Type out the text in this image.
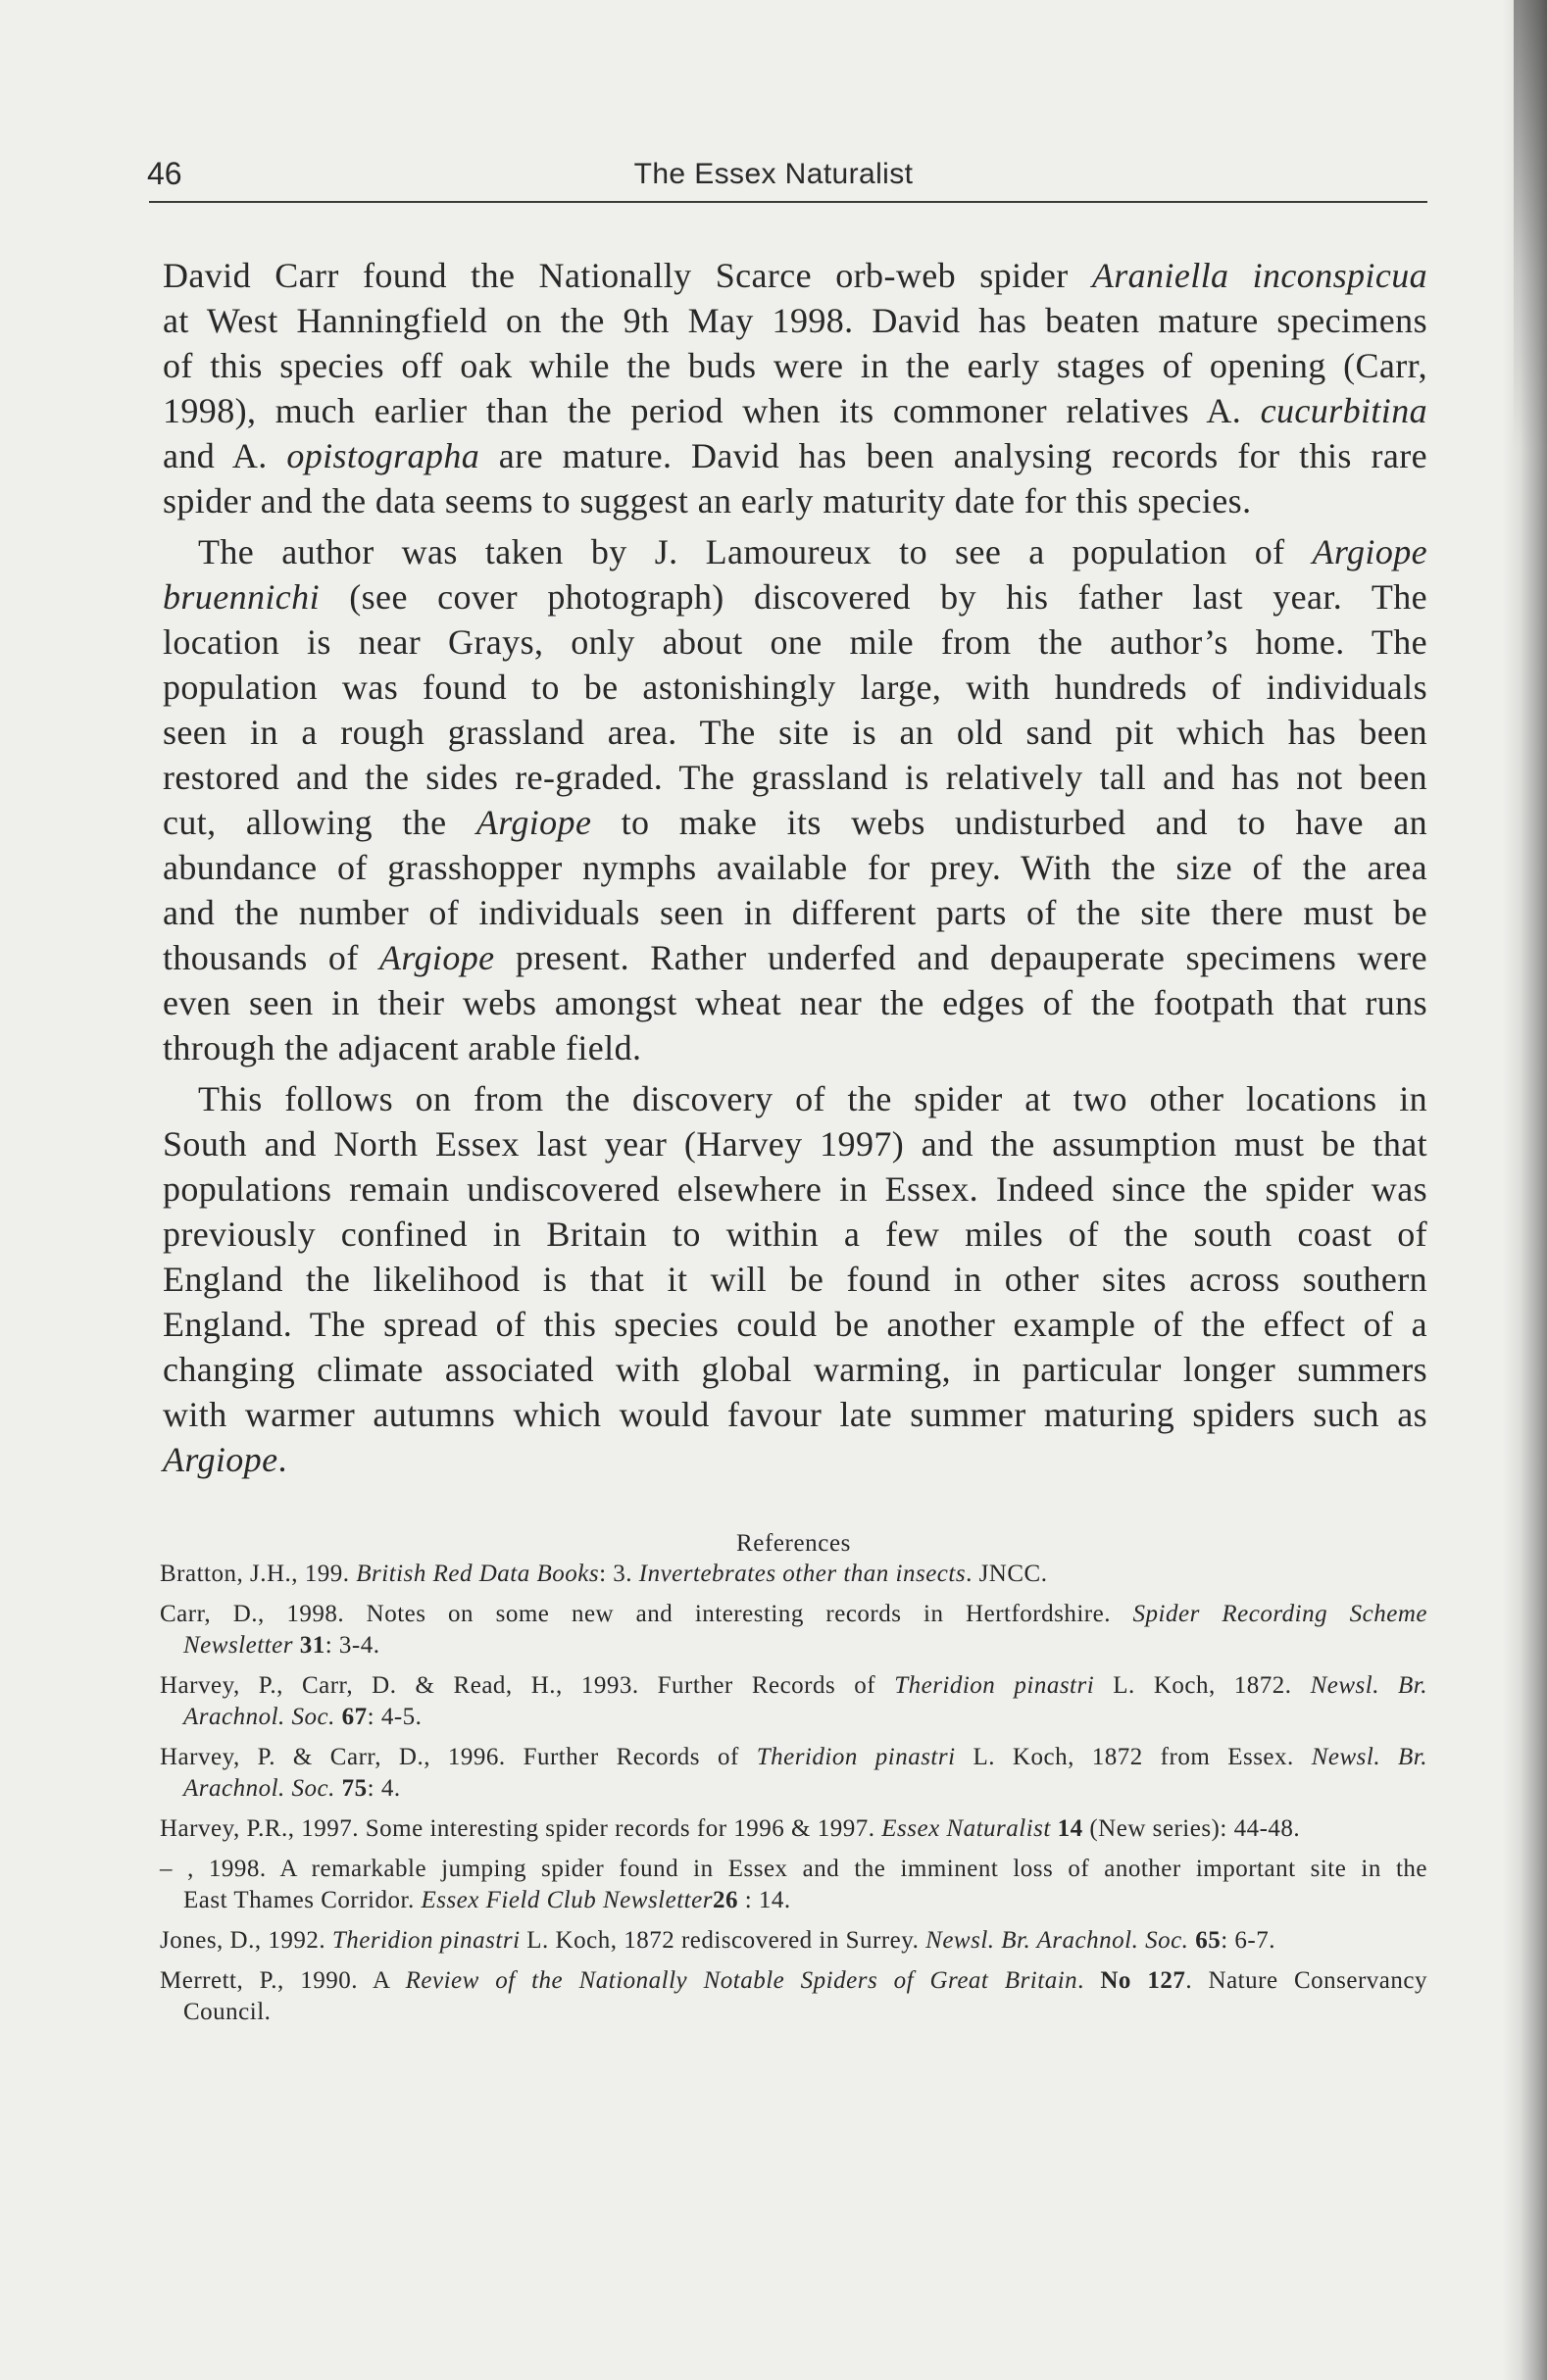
46	The Essex Naturalist
David Carr found the Nationally Scarce orb-web spider Araniella inconspicua
at West Hanningfield on the 9th May 1998. David has beaten mature specimens
of this species off oak while the buds were in the early stages of opening (Carr,
1998), much earlier than the period when its commoner relatives A. cucurbitina
and A. opistographa are mature. David has been analysing records for this rare
spider and the data seems to suggest an early maturity date for this species.
The author was taken by J. Lamoureux to see a population of Argiope
bruennichi (see cover photograph) discovered by his father last year. The
location is near Grays, only about one mile from the author’s home. The
population was found to be astonishingly large, with hundreds of individuals
seen in a rough grassland area. The site is an old sand pit which has been
restored and the sides re-graded. The grassland is relatively tall and has not been
cut, allowing the Argiope to make its webs undisturbed and to have an
abundance of grasshopper nymphs available for prey. With the size of the area
and the number of individuals seen in different parts of the site there must be
thousands of Argiope present. Rather underfed and depauperate specimens were
even seen in their webs amongst wheat near the edges of the footpath that runs
through the adjacent arable field.
This follows on from the discovery of the spider at two other locations in
South and North Essex last year (Harvey 1997) and the assumption must be that
populations remain undiscovered elsewhere in Essex. Indeed since the spider was
previously confined in Britain to within a few miles of the south coast of
England the likelihood is that it will be found in other sites across southern
England. The spread of this species could be another example of the effect of a
changing climate associated with global warming, in particular longer summers
with warmer autumns which would favour late summer maturing spiders such as
Argiope.
References
Bratton, J.H., 199. British Red Data Books: 3. Invertebrates other than insects. JNCC.
Carr, D., 1998. Notes on some new and interesting records in Hertfordshire. Spider Recording Scheme
Newsletter 31: 3-4.
Harvey, P., Carr, D. & Read, H., 1993. Further Records of Theridion pinastri L. Koch, 1872. Newsl. Br.
Arachnol. Soc. 67: 4-5.
Harvey, P. & Carr, D., 1996. Further Records of Theridion pinastri L. Koch, 1872 from Essex. Newsl. Br.
Arachnol. Soc. 75: 4.
Harvey, P.R., 1997. Some interesting spider records for 1996 & 1997. Essex Naturalist 14 (New series): 44-48.
– , 1998. A remarkable jumping spider found in Essex and the imminent loss of another important site in the
East Thames Corridor. Essex Field Club Newsletter26 : 14.
Jones, D., 1992. Theridion pinastri L. Koch, 1872 rediscovered in Surrey. Newsl. Br. Arachnol. Soc. 65: 6-7.
Merrett, P., 1990. A Review of the Nationally Notable Spiders of Great Britain. No 127. Nature Conservancy
Council.
